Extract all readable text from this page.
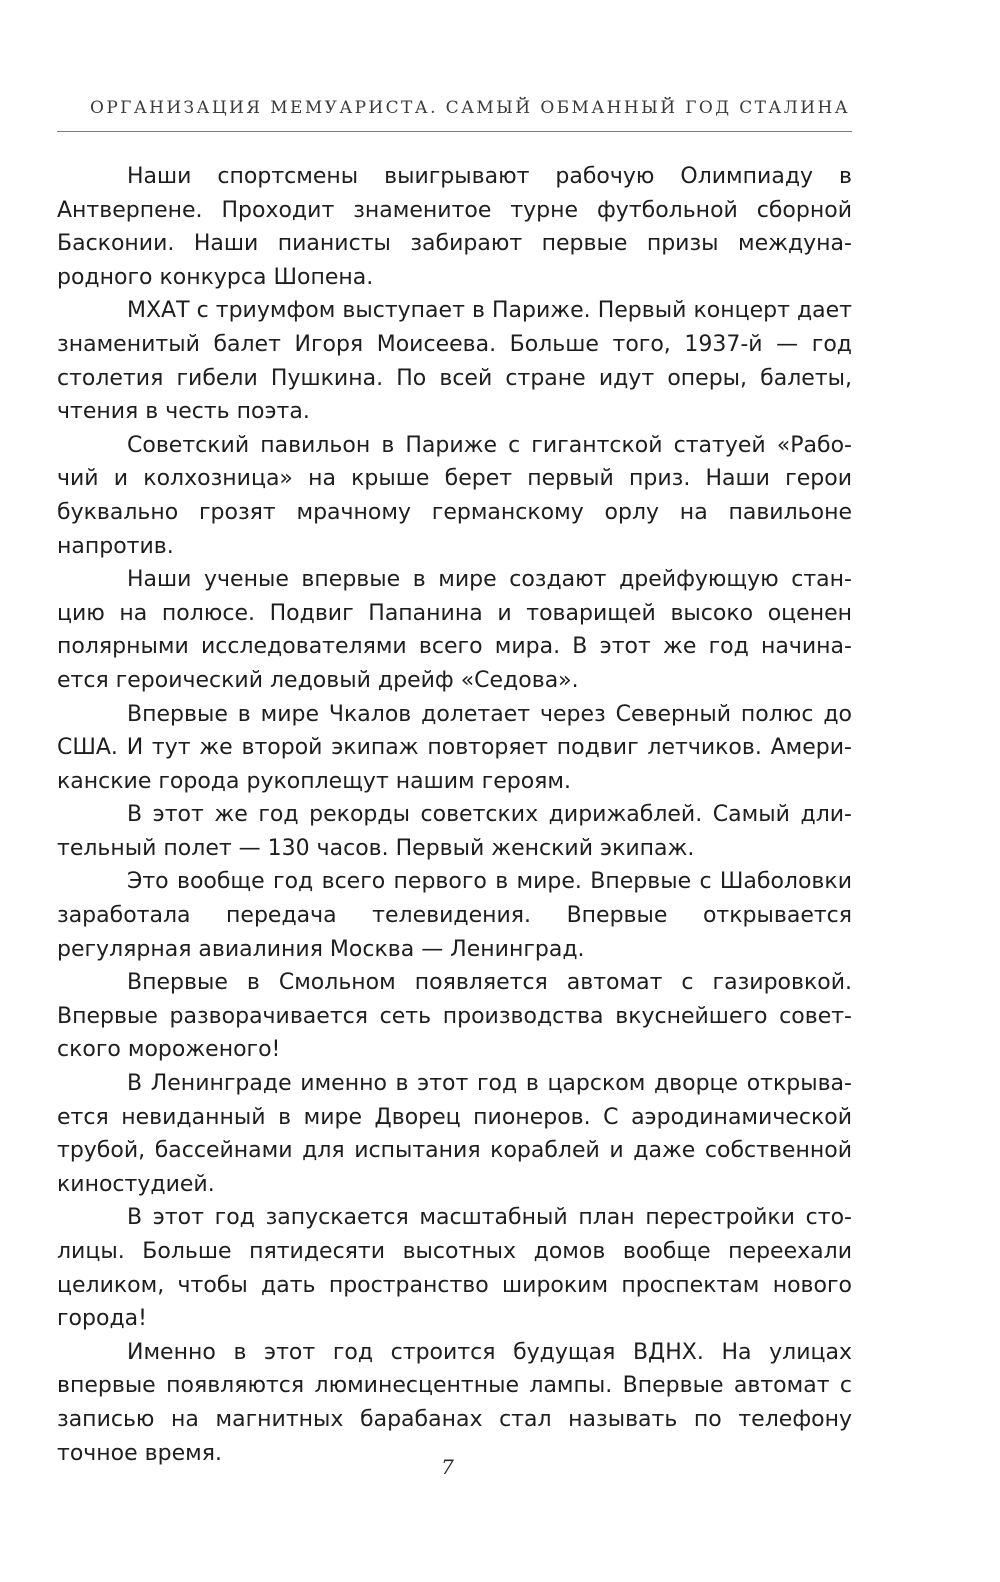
ОРГАНИЗАЦИЯ МЕМУАРИСТА. САМЫЙ ОБМАННЫЙ ГОД СТАЛИНА

Наши спортсмены выигрывают рабочую Олимпиаду в Антверпене. Проходит знаменитое турне футбольной сборной Басконии. Наши пианисты забирают первые призы международного конкурса Шопена.

МХАТ с триумфом выступает в Париже. Первый концерт дает знаменитый балет Игоря Моисеева. Больше того, 1937-й — год столетия гибели Пушкина. По всей стране идут оперы, балеты, чтения в честь поэта.

Советский павильон в Париже с гигантской статуей «Рабочий и колхозница» на крыше берет первый приз. Наши герои буквально грозят мрачному германскому орлу на павильоне напротив.

Наши ученые впервые в мире создают дрейфующую станцию на полюсе. Подвиг Папанина и товарищей высоко оценен полярными исследователями всего мира. В этот же год начинается героический ледовый дрейф «Седова».

Впервые в мире Чкалов долетает через Северный полюс до США. И тут же второй экипаж повторяет подвиг летчиков. Американские города рукоплещут нашим героям.

В этот же год рекорды советских дирижаблей. Самый длительный полет — 130 часов. Первый женский экипаж.

Это вообще год всего первого в мире. Впервые с Шаболовки заработала передача телевидения. Впервые открывается регулярная авиалиния Москва — Ленинград.

Впервые в Смольном появляется автомат с газировкой. Впервые разворачивается сеть производства вкуснейшего советского мороженого!

В Ленинграде именно в этот год в царском дворце открывается невиданный в мире Дворец пионеров. С аэродинамической трубой, бассейнами для испытания кораблей и даже собственной киностудией.

В этот год запускается масштабный план перестройки столицы. Больше пятидесяти высотных домов вообще переехали целиком, чтобы дать пространство широким проспектам нового города!

Именно в этот год строится будущая ВДНХ. На улицах впервые появляются люминесцентные лампы. Впервые автомат с записью на магнитных барабанах стал называть по телефону точное время.

7
